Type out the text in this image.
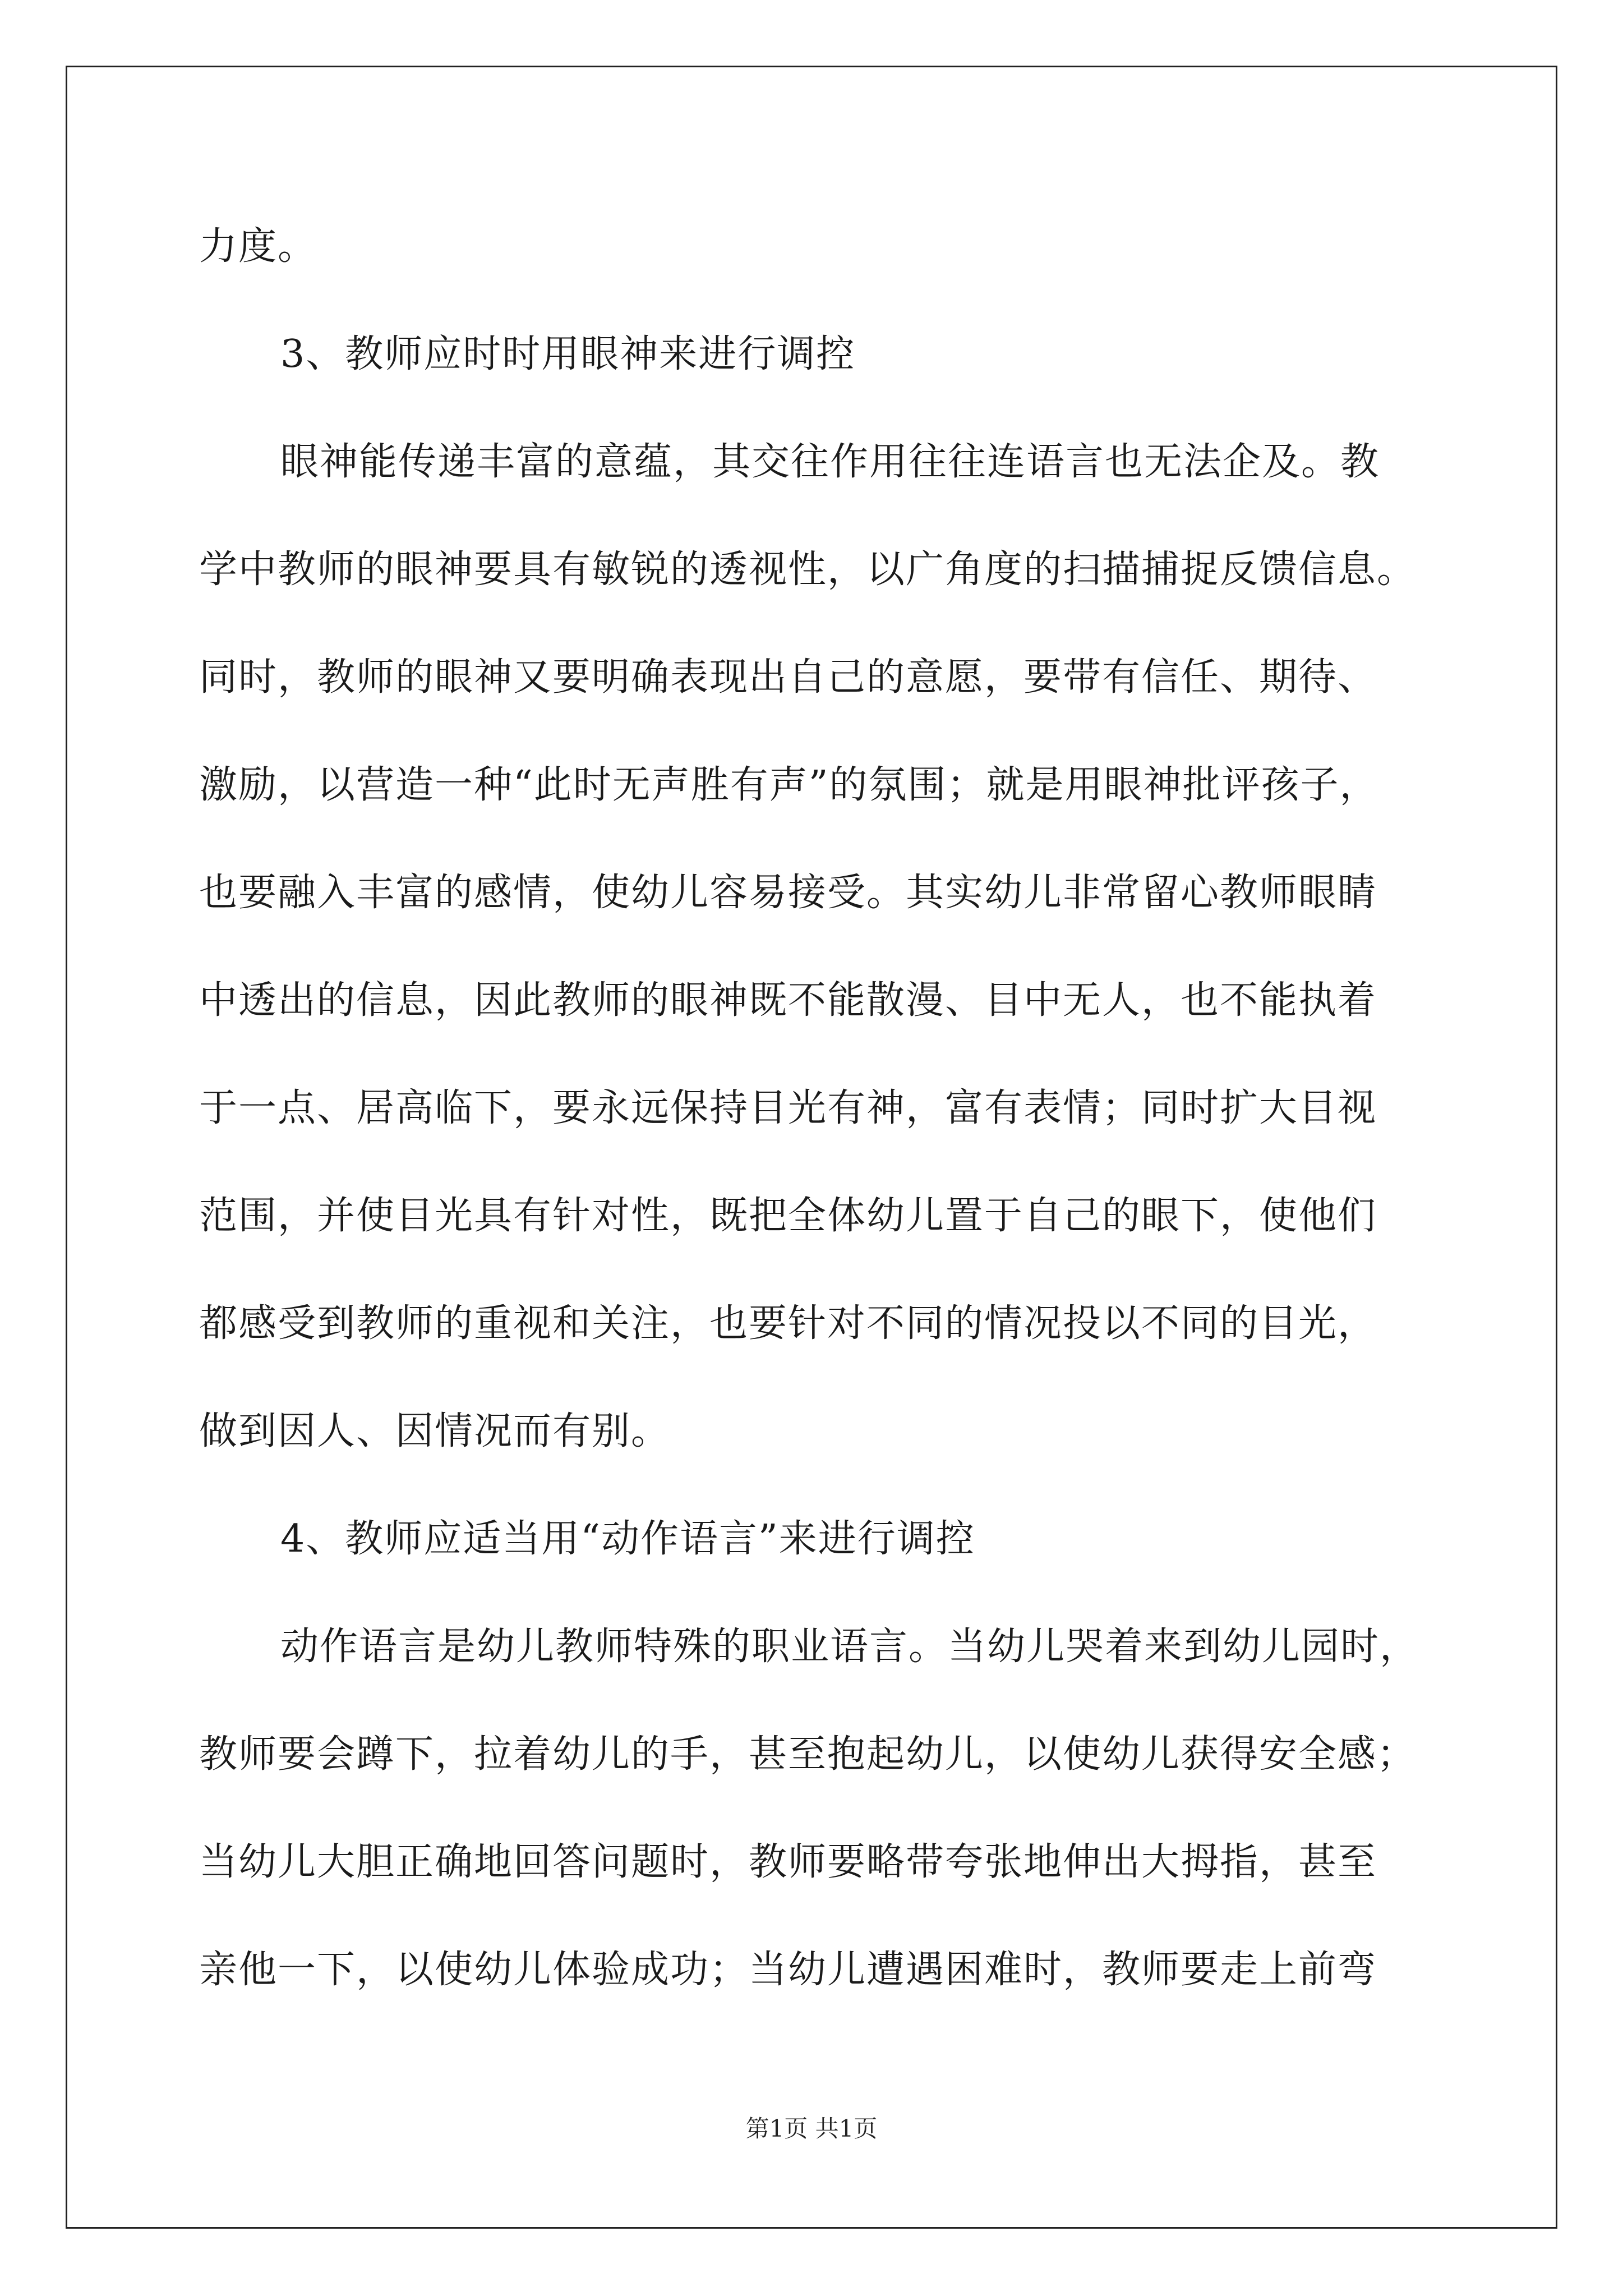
力度。
3、教师应时时用眼神来进行调控
眼神能传递丰富的意蕴，其交往作用往往连语言也无法企及。教
学中教师的眼神要具有敏锐的透视性，以广角度的扫描捕捉反馈信息。
同时，教师的眼神又要明确表现出自己的意愿，要带有信任、期待、
激励，以营造一种“此时无声胜有声”的氛围；就是用眼神批评孩子，
也要融入丰富的感情，使幼儿容易接受。其实幼儿非常留心教师眼睛
中透出的信息，因此教师的眼神既不能散漫、目中无人，也不能执着
于一点、居高临下，要永远保持目光有神，富有表情；同时扩大目视
范围，并使目光具有针对性，既把全体幼儿置于自己的眼下，使他们
都感受到教师的重视和关注，也要针对不同的情况投以不同的目光，
做到因人、因情况而有别。
4、教师应适当用“动作语言”来进行调控
动作语言是幼儿教师特殊的职业语言。当幼儿哭着来到幼儿园时，
教师要会蹲下，拉着幼儿的手，甚至抱起幼儿，以使幼儿获得安全感；
当幼儿大胆正确地回答问题时，教师要略带夸张地伸出大拇指，甚至
亲他一下，以使幼儿体验成功；当幼儿遭遇困难时，教师要走上前弯
第1页 共1页
